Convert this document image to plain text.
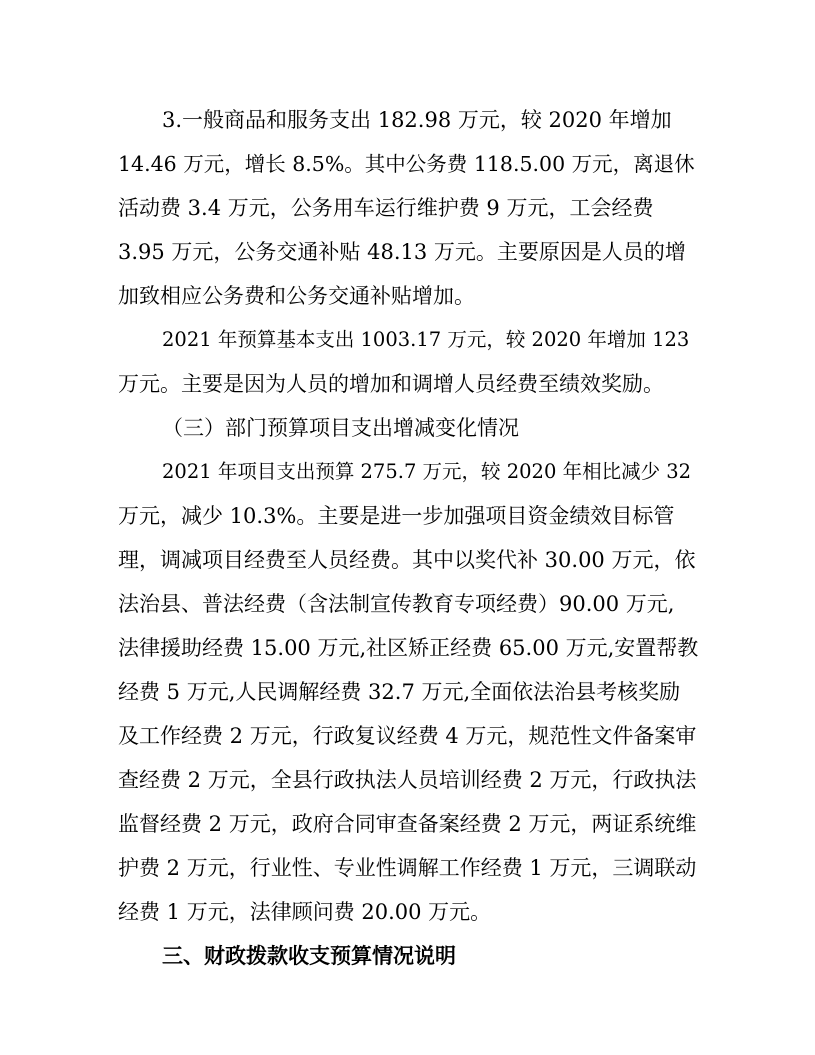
3.一般商品和服务支出 182.98 万元，较 2020 年增加

14.46 万元，增长 8.5%。其中公务费 118.5.00 万元，离退休

活动费 3.4 万元，公务用车运行维护费 9 万元，工会经费

3.95 万元，公务交通补贴 48.13 万元。主要原因是人员的增

加致相应公务费和公务交通补贴增加。

2021 年预算基本支出 1003.17 万元，较 2020 年增加 123

万元。主要是因为人员的增加和调增人员经费至绩效奖励。

（三）部门预算项目支出增减变化情况

2021 年项目支出预算 275.7 万元，较 2020 年相比减少 32

万元，减少 10.3%。主要是进一步加强项目资金绩效目标管

理，调减项目经费至人员经费。其中以奖代补 30.00 万元，依

法治县、普法经费（含法制宣传教育专项经费）90.00 万元,

法律援助经费 15.00 万元,社区矫正经费 65.00 万元,安置帮教

经费 5 万元,人民调解经费 32.7 万元,全面依法治县考核奖励

及工作经费 2 万元，行政复议经费 4 万元，规范性文件备案审

查经费 2 万元，全县行政执法人员培训经费 2 万元，行政执法

监督经费 2 万元，政府合同审查备案经费 2 万元，两证系统维

护费 2 万元，行业性、专业性调解工作经费 1 万元，三调联动

经费 1 万元，法律顾问费 20.00 万元。

三、财政拨款收支预算情况说明
